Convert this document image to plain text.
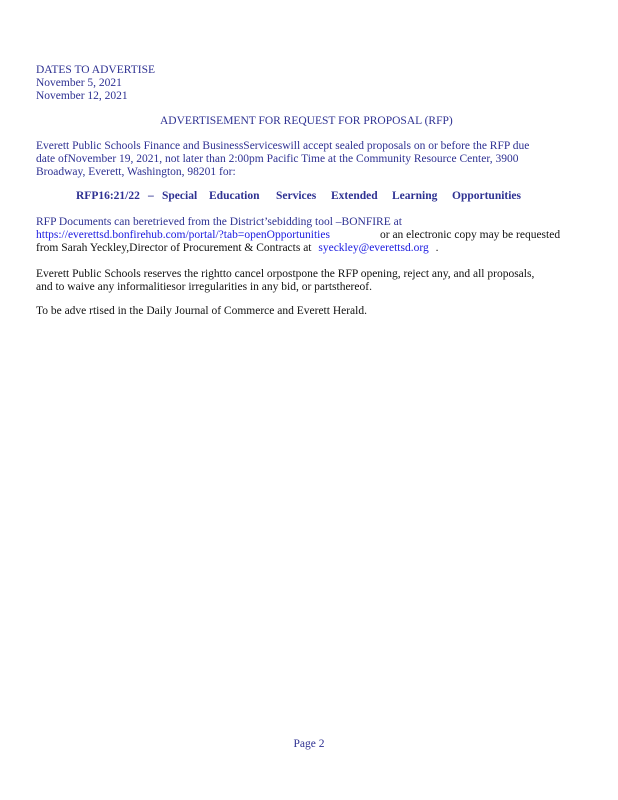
DATES TO ADVERTISE
November 5, 2021
November 12, 2021
ADVERTISEMENT FOR REQUEST FOR PROPOSAL (RFP)
Everett Public Schools Finance and BusinessServiceswill accept sealed proposals on or before the RFP due
date ofNovember 19, 2021, not later than 2:00pm Pacific Time at the Community Resource Center, 3900
Broadway, Everett, Washington, 98201 for:
RFP16:21/22 – Special Education Services Extended Learning Opportunities
RFP Documents can beretrieved from the District’sebidding tool –BONFIRE at
https://everettsd.bonfirehub.com/portal/?tab=openOpportunities	or an electronic copy may be requested
from Sarah Yeckley,Director of Procurement & Contracts at syeckley@everettsd.org .
Everett Public Schools reserves the rightto cancel orpostpone the RFP opening, reject any, and all proposals,
and to waive any informalitiesor irregularities in any bid, or partsthereof.
To be adve rtised in the Daily Journal of Commerce and Everett Herald.
Page 2
